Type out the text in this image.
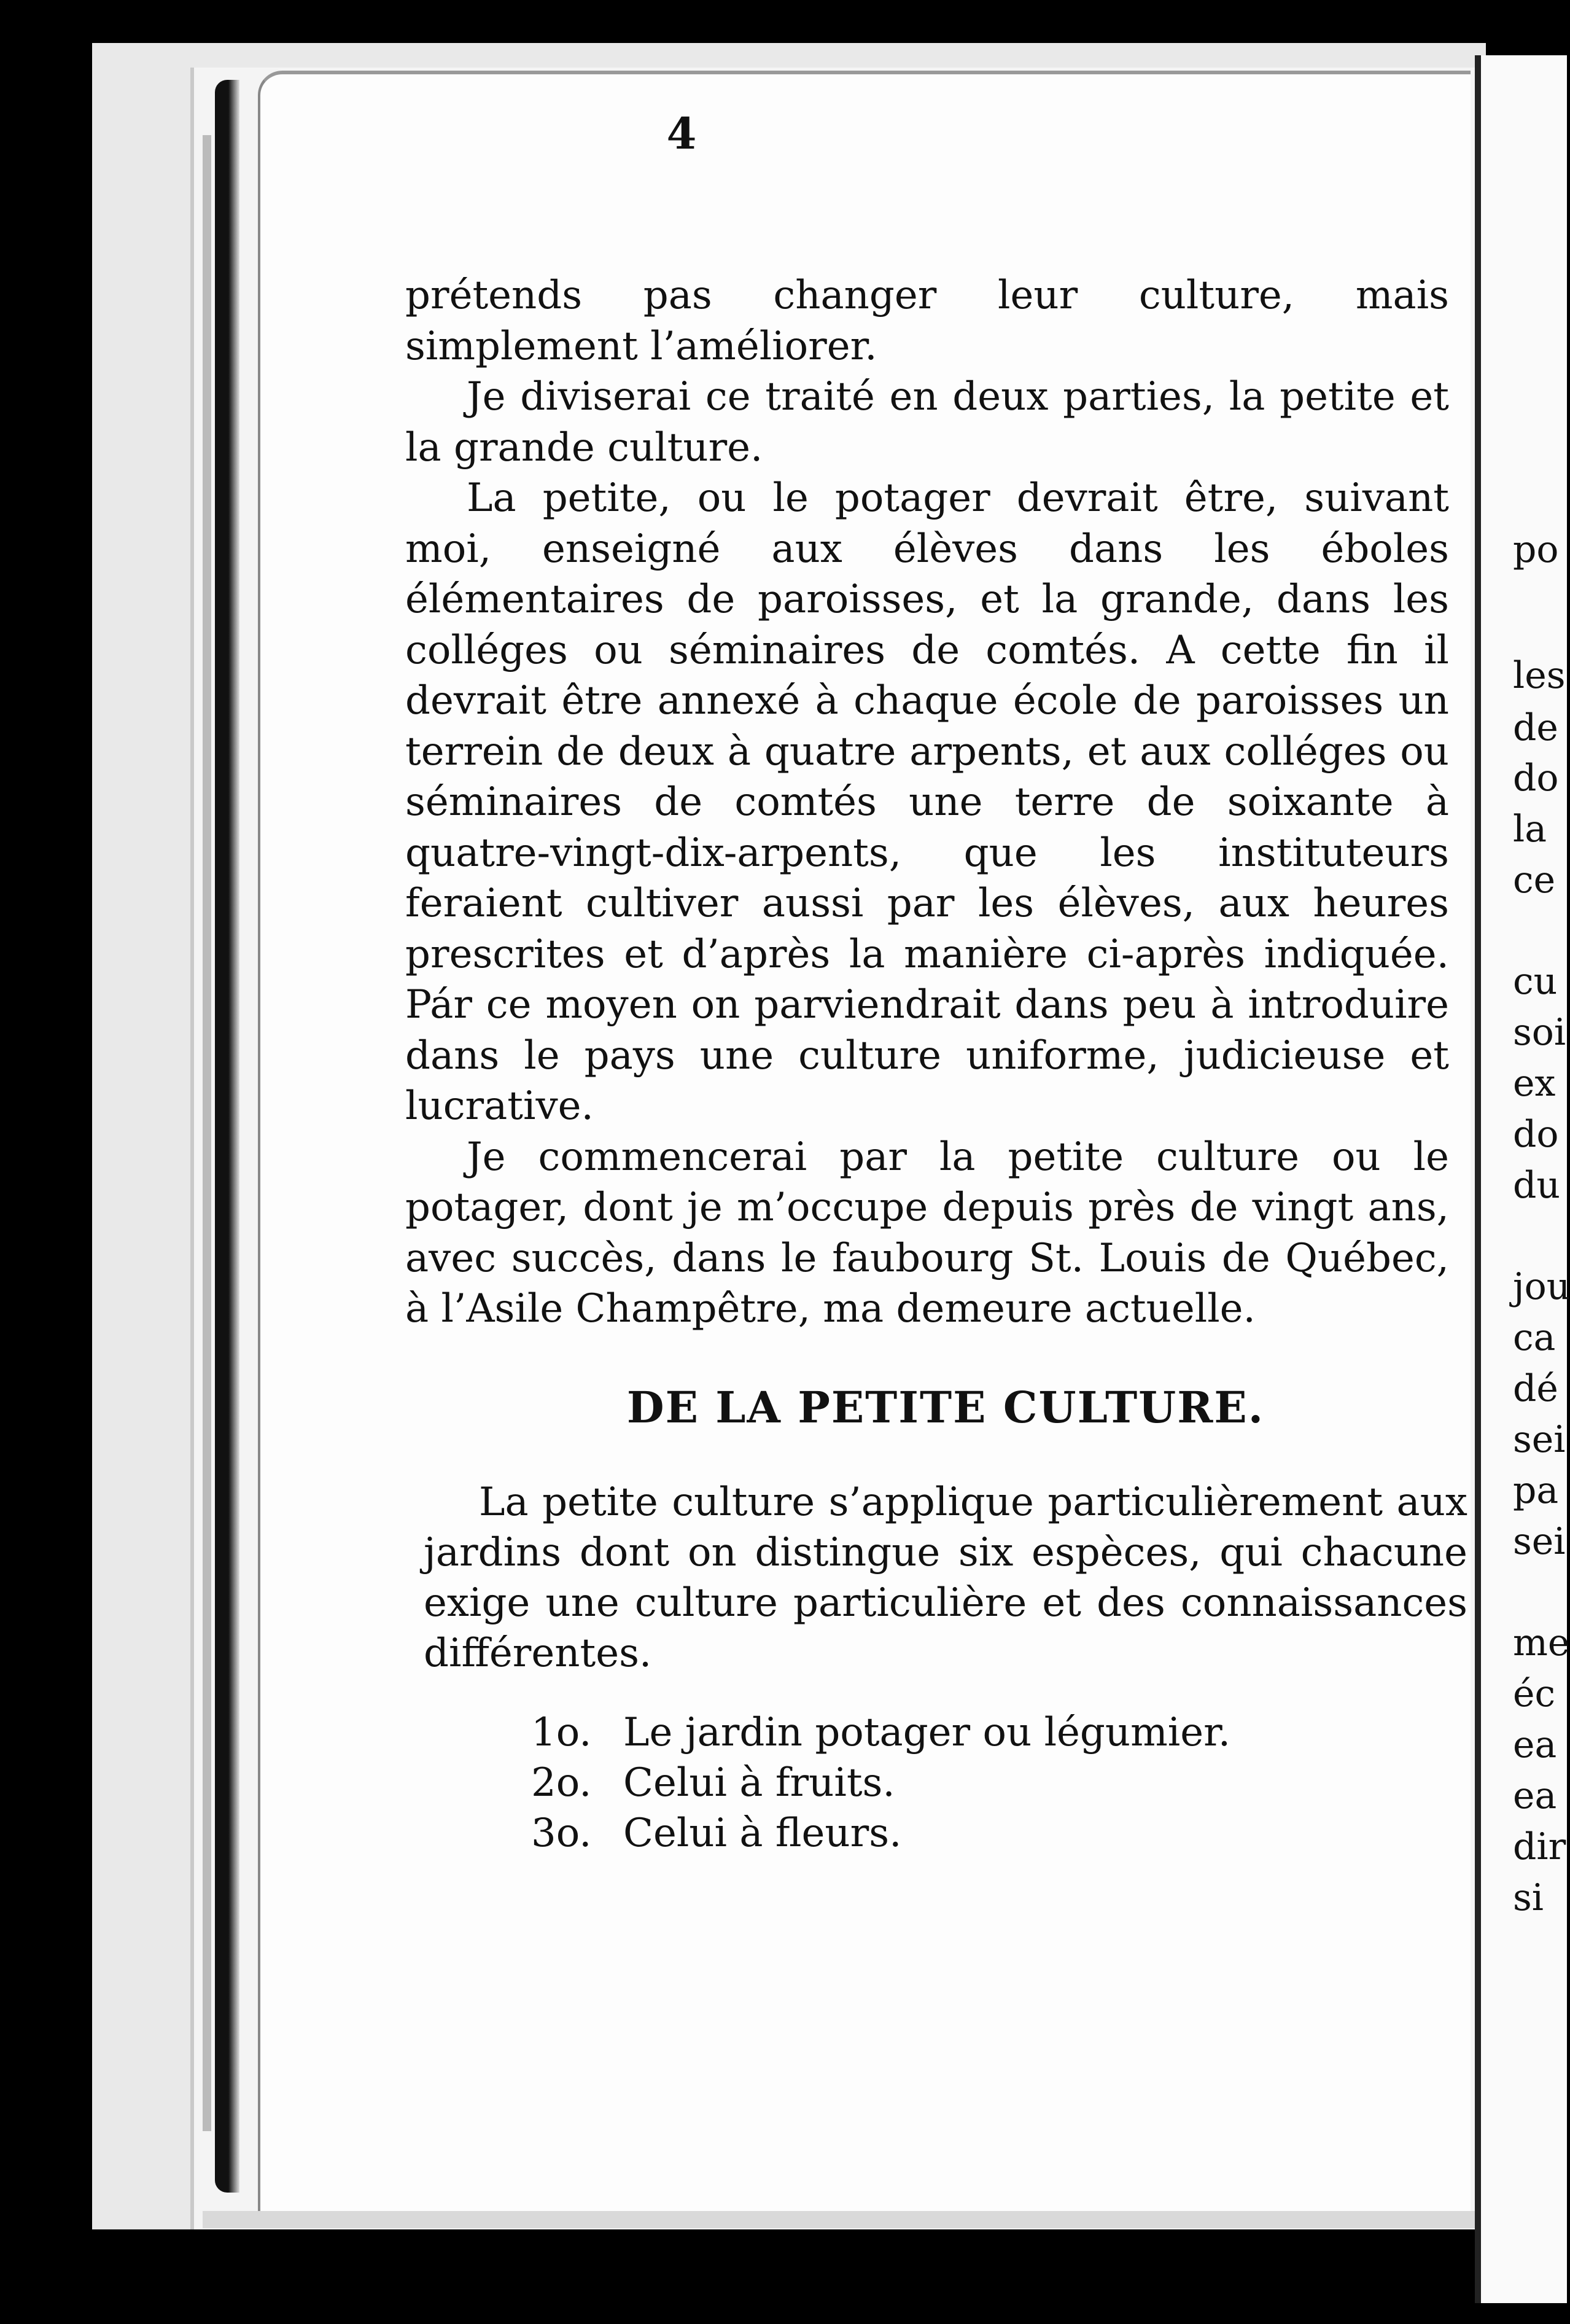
4

prétends pas changer leur culture, mais simplement l’améliorer.

Je diviserai ce traité en deux parties, la petite et la grande culture.

La petite, ou le potager devrait être, suivant moi, enseigné aux élèves dans les éboles élémentaires de paroisses, et la grande, dans les colléges ou séminaires de comtés. A cette fin il devrait être annexé à chaque école de paroisses un terrein de deux à quatre arpents, et aux colléges ou séminaires de comtés une terre de soixante à quatre-vingt-dix-arpents, que les instituteurs feraient cultiver aussi par les élèves, aux heures prescrites et d’après la manière ci-après indiquée. Pár ce moyen on parviendrait dans peu à introduire dans le pays une culture uniforme, judicieuse et lucrative.

Je commencerai par la petite culture ou le potager, dont je m’occupe depuis près de vingt ans, avec succès, dans le faubourg St. Louis de Québec, à l’Asile Champêtre, ma demeure actuelle.

DE LA PETITE CULTURE.

La petite culture s’applique particulièrement aux jardins dont on distingue six espèces, qui chacune exige une culture particulière et des connaissances différentes.

1o. Le jardin potager ou légumier.
2o. Celui à fruits.
3o. Celui à fleurs.
po
les
de
do
la
ce
cu
soi
ex
do
du
jou
ca
dé
sei
pa
sei
me
éc
ea
ea
dir
si
